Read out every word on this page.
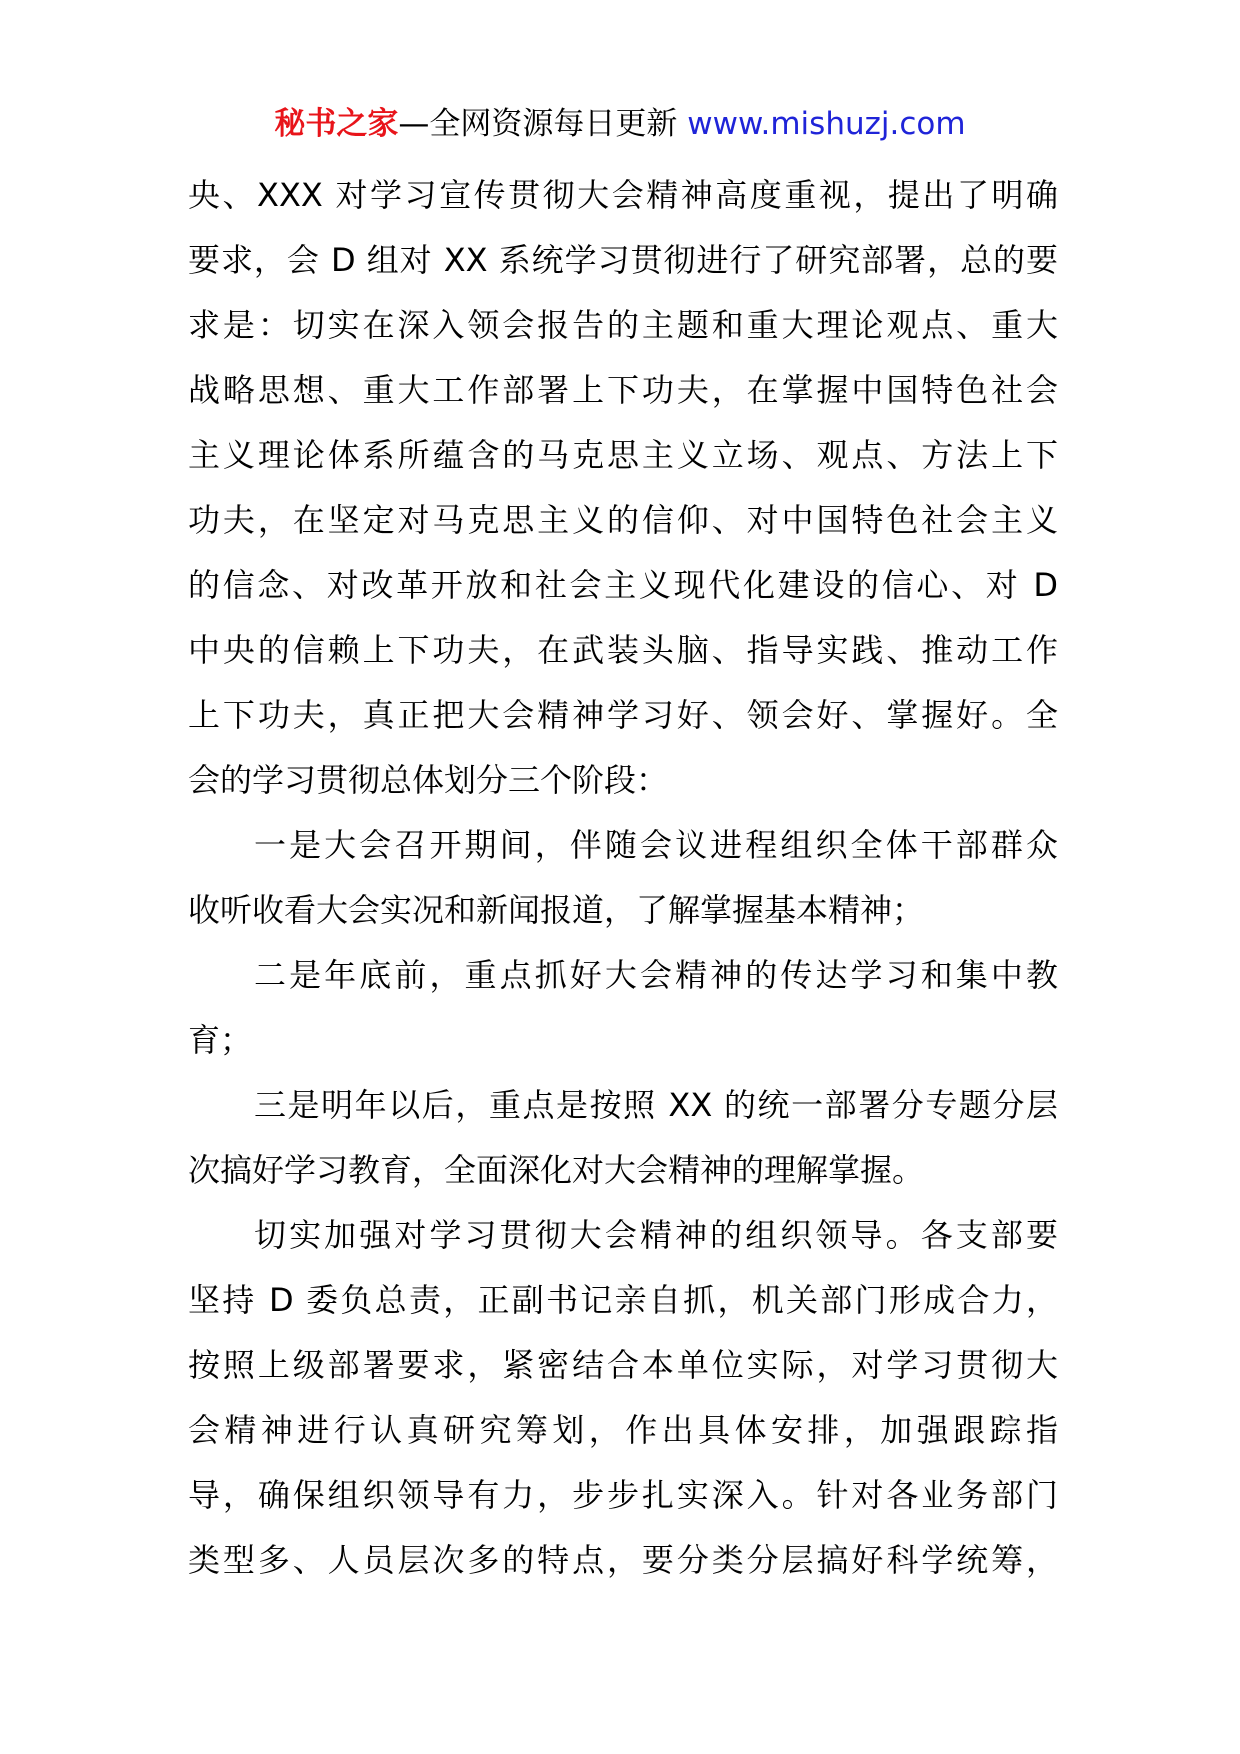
秘书之家—全网资源每日更新 www.mishuzj.com
央、XXX 对学习宣传贯彻大会精神高度重视，提出了明确
要求，会 D 组对 XX 系统学习贯彻进行了研究部署，总的要
求是：切实在深入领会报告的主题和重大理论观点、重大
战略思想、重大工作部署上下功夫，在掌握中国特色社会
主义理论体系所蕴含的马克思主义立场、观点、方法上下
功夫，在坚定对马克思主义的信仰、对中国特色社会主义
的信念、对改革开放和社会主义现代化建设的信心、对 D
中央的信赖上下功夫，在武装头脑、指导实践、推动工作
上下功夫，真正把大会精神学习好、领会好、掌握好。全
会的学习贯彻总体划分三个阶段：
一是大会召开期间，伴随会议进程组织全体干部群众
收听收看大会实况和新闻报道，了解掌握基本精神；
二是年底前，重点抓好大会精神的传达学习和集中教
育；
三是明年以后，重点是按照 XX 的统一部署分专题分层
次搞好学习教育，全面深化对大会精神的理解掌握。
切实加强对学习贯彻大会精神的组织领导。各支部要
坚持 D 委负总责，正副书记亲自抓，机关部门形成合力，
按照上级部署要求，紧密结合本单位实际，对学习贯彻大
会精神进行认真研究筹划，作出具体安排，加强跟踪指
导，确保组织领导有力，步步扎实深入。针对各业务部门
类型多、人员层次多的特点，要分类分层搞好科学统筹，
